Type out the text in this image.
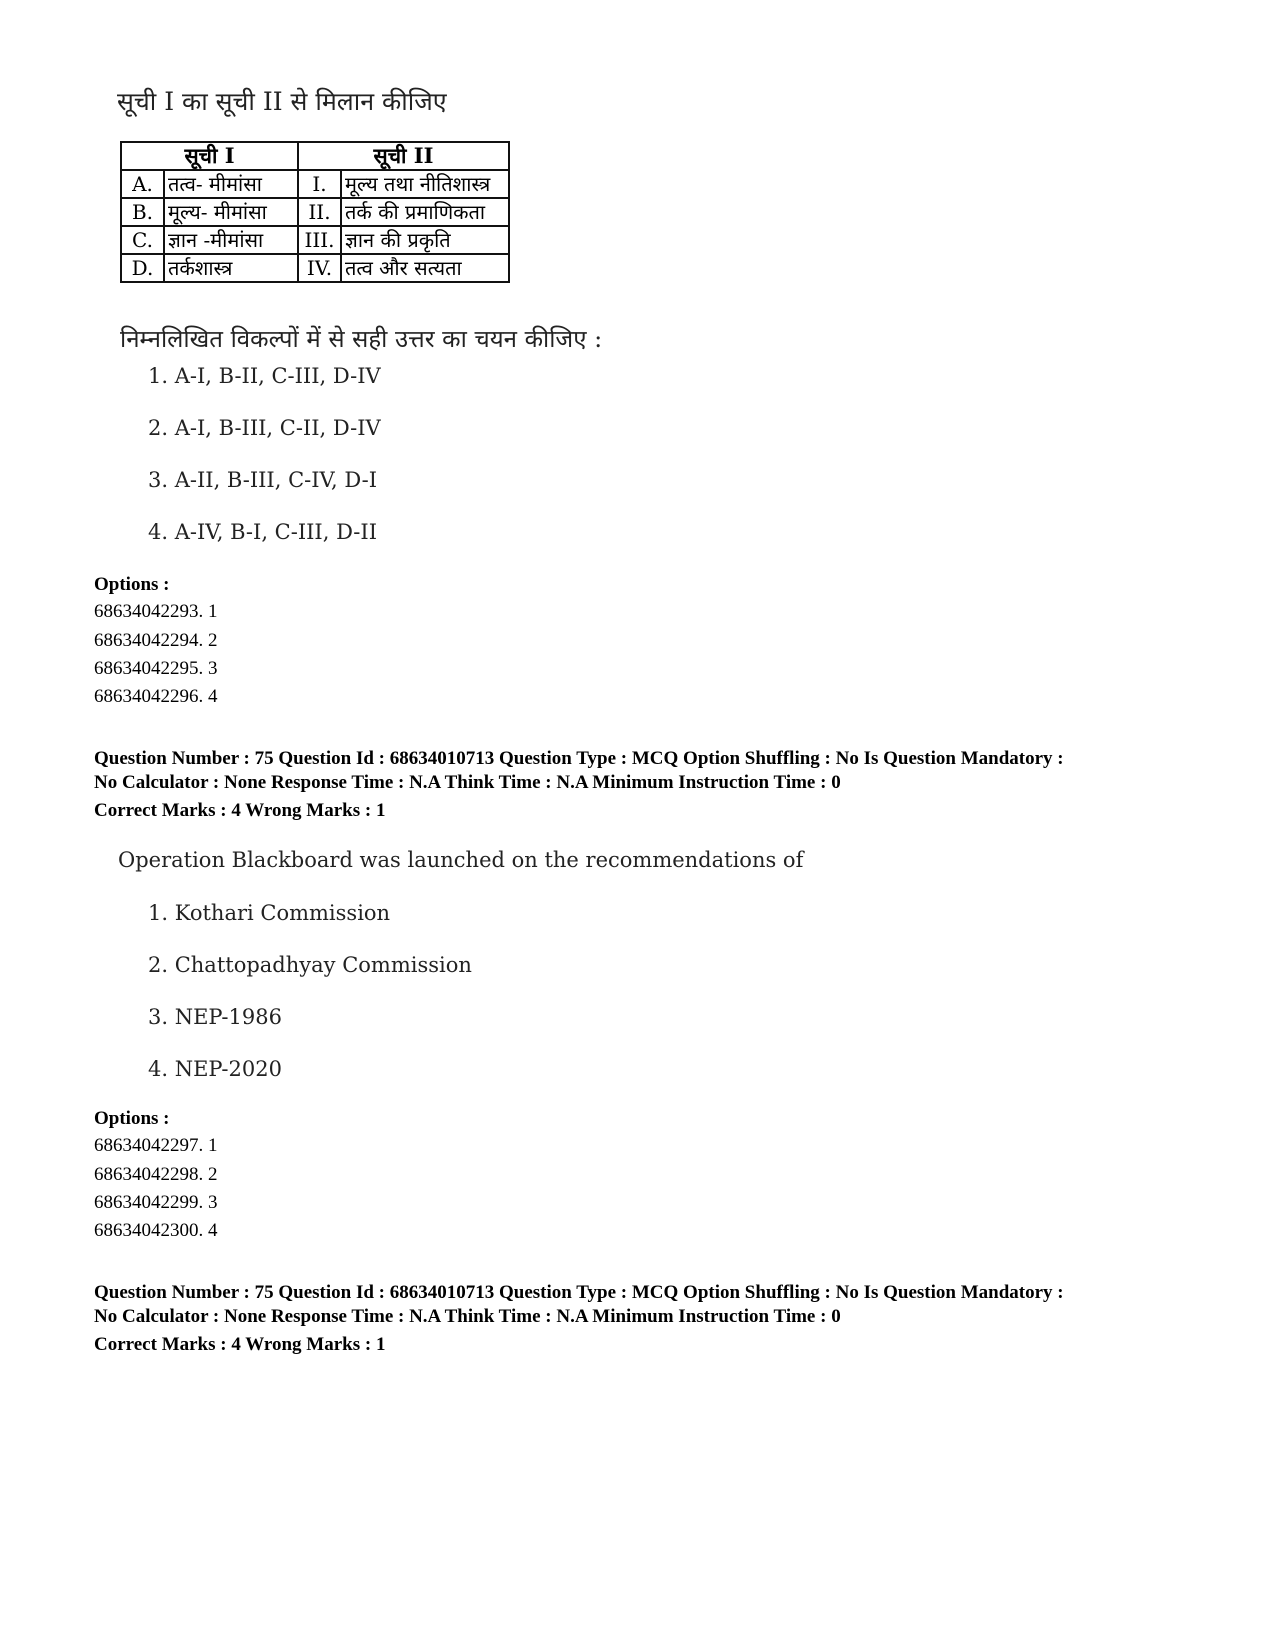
सूची I का सूची II से मिलान कीजिए
सूची I		सूची II	
A.	तत्व- मीमांसा	I.	मूल्य तथा नीतिशास्त्र
B.	मूल्य- मीमांसा	II.	तर्क की प्रमाणिकता
C.	ज्ञान -मीमांसा	III.	ज्ञान की प्रकृति
D.	तर्कशास्त्र	IV.	तत्व और सत्यता
निम्नलिखित विकल्पों में से सही उत्तर का चयन कीजिए :
1. A-I, B-II, C-III, D-IV
2. A-I, B-III, C-II, D-IV
3. A-II, B-III, C-IV, D-I
4. A-IV, B-I, C-III, D-II
Options :
68634042293. 1
68634042294. 2
68634042295. 3
68634042296. 4
Question Number : 75 Question Id : 68634010713 Question Type : MCQ Option Shuffling : No Is Question Mandatory :
No Calculator : None Response Time : N.A Think Time : N.A Minimum Instruction Time : 0
Correct Marks : 4 Wrong Marks : 1
Operation Blackboard was launched on the recommendations of
1. Kothari Commission
2. Chattopadhyay Commission
3. NEP-1986
4. NEP-2020
Options :
68634042297. 1
68634042298. 2
68634042299. 3
68634042300. 4
Question Number : 75 Question Id : 68634010713 Question Type : MCQ Option Shuffling : No Is Question Mandatory :
No Calculator : None Response Time : N.A Think Time : N.A Minimum Instruction Time : 0
Correct Marks : 4 Wrong Marks : 1
